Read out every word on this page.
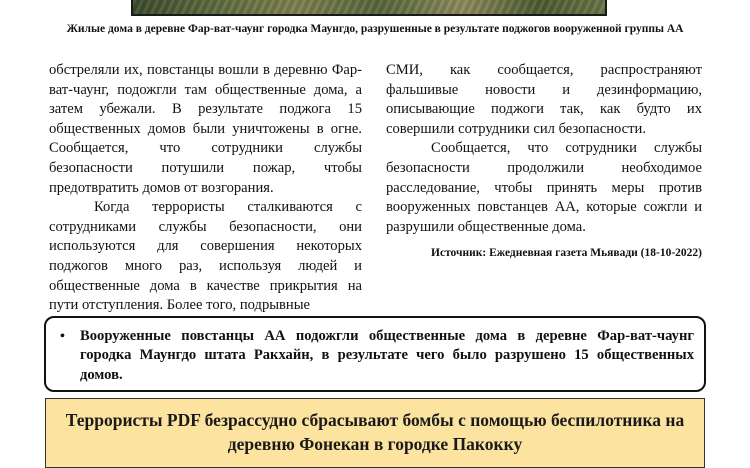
Жилые дома в деревне Фар-ват-чаунг городка Маунгдо, разрушенные в результате поджогов вооруженной группы АА

обстреляли их, повстанцы вошли в деревню Фар-ват-чаунг, подожгли там общественные дома, а затем убежали. В результате поджога 15 общественных домов были уничтожены в огне. Сообщается, что сотрудники службы безопасности потушили пожар, чтобы предотвратить домов от возгорания.

Когда террористы сталкиваются с сотрудниками службы безопасности, они используются для совершения некоторых поджогов много раз, используя людей и общественные дома в качестве прикрытия на пути отступления. Более того, подрывные

СМИ, как сообщается, распространяют фальшивые новости и дезинформацию, описывающие поджоги так, как будто их совершили сотрудники сил безопасности.

Сообщается, что сотрудники службы безопасности продолжили необходимое расследование, чтобы принять меры против вооруженных повстанцев АА, которые сожгли и разрушили общественные дома.

Источник: Ежедневная газета Мьявади (18-10-2022)

•	Вооруженные повстанцы АА подожгли общественные дома в деревне Фар-ват-чаунг городка Маунгдо штата Ракхайн, в результате чего было разрушено 15 общественных домов.
Террористы PDF безрассудно сбрасывают бомбы с помощью беспилотника на деревню Фонекан в городке Пакокку
